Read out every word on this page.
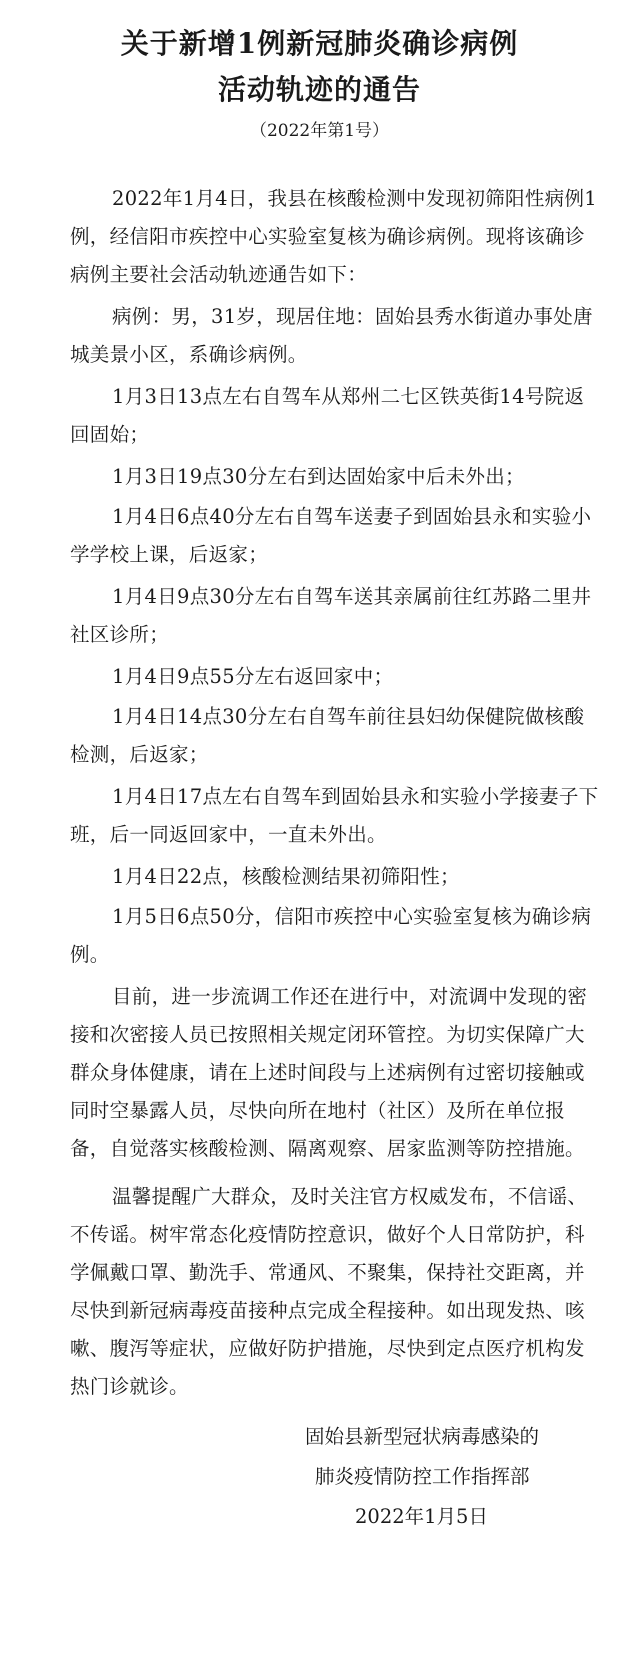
关于新增1例新冠肺炎确诊病例
活动轨迹的通告
（2022年第1号）
2022年1月4日，我县在核酸检测中发现初筛阳性病例1例，经信阳市疾控中心实验室复核为确诊病例。现将该确诊病例主要社会活动轨迹通告如下：
病例：男，31岁，现居住地：固始县秀水街道办事处唐城美景小区，系确诊病例。
1月3日13点左右自驾车从郑州二七区铁英街14号院返回固始；
1月3日19点30分左右到达固始家中后未外出；
1月4日6点40分左右自驾车送妻子到固始县永和实验小学学校上课，后返家；
1月4日9点30分左右自驾车送其亲属前往红苏路二里井社区诊所；
1月4日9点55分左右返回家中；
1月4日14点30分左右自驾车前往县妇幼保健院做核酸检测，后返家；
1月4日17点左右自驾车到固始县永和实验小学接妻子下班，后一同返回家中，一直未外出。
1月4日22点，核酸检测结果初筛阳性；
1月5日6点50分，信阳市疾控中心实验室复核为确诊病例。
目前，进一步流调工作还在进行中，对流调中发现的密接和次密接人员已按照相关规定闭环管控。为切实保障广大群众身体健康，请在上述时间段与上述病例有过密切接触或同时空暴露人员，尽快向所在地村（社区）及所在单位报备，自觉落实核酸检测、隔离观察、居家监测等防控措施。
温馨提醒广大群众，及时关注官方权威发布，不信谣、不传谣。树牢常态化疫情防控意识，做好个人日常防护，科学佩戴口罩、勤洗手、常通风、不聚集，保持社交距离，并尽快到新冠病毒疫苗接种点完成全程接种。如出现发热、咳嗽、腹泻等症状，应做好防护措施，尽快到定点医疗机构发热门诊就诊。
固始县新型冠状病毒感染的
肺炎疫情防控工作指挥部
2022年1月5日
